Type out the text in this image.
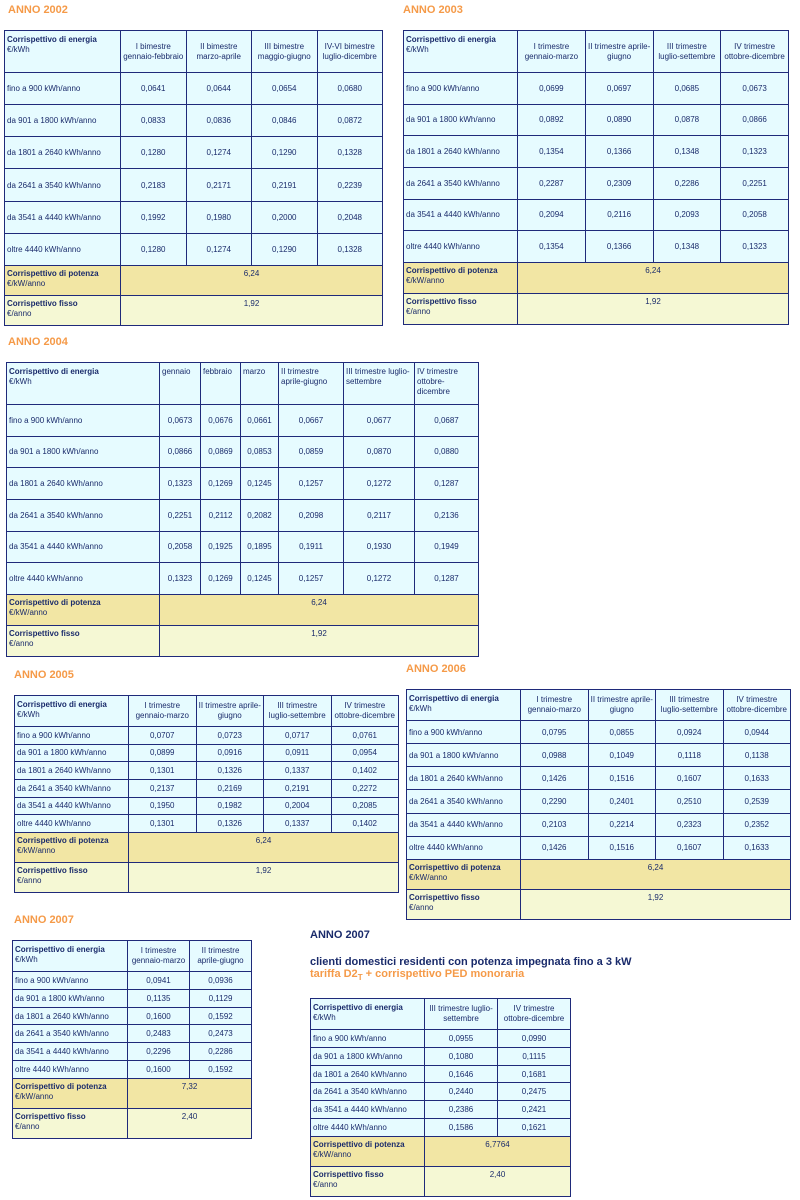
ANNO 2002
Corrispettivo di energia
€/kWh	I bimestre gennaio-febbraio	II bimestre marzo-aprile	III bimestre maggio-giugno	IV-VI bimestre luglio-dicembre
fino a 900 kWh/anno	0,0641	0,0644	0,0654	0,0680
da 901 a 1800 kWh/anno	0,0833	0,0836	0,0846	0,0872
da 1801 a 2640 kWh/anno	0,1280	0,1274	0,1290	0,1328
da 2641 a 3540 kWh/anno	0,2183	0,2171	0,2191	0,2239
da 3541 a 4440 kWh/anno	0,1992	0,1980	0,2000	0,2048
oltre 4440 kWh/anno	0,1280	0,1274	0,1290	0,1328
Corrispettivo di potenza
€/kW/anno	6,24			
Corrispettivo fisso
€/anno	1,92			
ANNO 2003
Corrispettivo di energia
€/kWh	I trimestre gennaio-marzo	II trimestre aprile-giugno	III trimestre luglio-settembre	IV trimestre ottobre-dicembre
fino a 900 kWh/anno	0,0699	0,0697	0,0685	0,0673
da 901 a 1800 kWh/anno	0,0892	0,0890	0,0878	0,0866
da 1801 a 2640 kWh/anno	0,1354	0,1366	0,1348	0,1323
da 2641 a 3540 kWh/anno	0,2287	0,2309	0,2286	0,2251
da 3541 a 4440 kWh/anno	0,2094	0,2116	0,2093	0,2058
oltre 4440 kWh/anno	0,1354	0,1366	0,1348	0,1323
Corrispettivo di potenza
€/kW/anno	6,24			
Corrispettivo fisso
€/anno	1,92			
ANNO 2004
Corrispettivo di energia
€/kWh	gennaio	febbraio	marzo	II trimestre aprile-giugno	III trimestre luglio-settembre	IV trimestre ottobre-dicembre
fino a 900 kWh/anno	0,0673	0,0676	0,0661	0,0667	0,0677	0,0687
da 901 a 1800 kWh/anno	0,0866	0,0869	0,0853	0,0859	0,0870	0,0880
da 1801 a 2640 kWh/anno	0,1323	0,1269	0,1245	0,1257	0,1272	0,1287
da 2641 a 3540 kWh/anno	0,2251	0,2112	0,2082	0,2098	0,2117	0,2136
da 3541 a 4440 kWh/anno	0,2058	0,1925	0,1895	0,1911	0,1930	0,1949
oltre 4440 kWh/anno	0,1323	0,1269	0,1245	0,1257	0,1272	0,1287
Corrispettivo di potenza
€/kW/anno	6,24					
Corrispettivo fisso
€/anno	1,92					
ANNO 2005
Corrispettivo di energia
€/kWh	I trimestre gennaio-marzo	II trimestre aprile-giugno	III trimestre luglio-settembre	IV trimestre ottobre-dicembre
fino a 900 kWh/anno	0,0707	0,0723	0,0717	0,0761
da 901 a 1800 kWh/anno	0,0899	0,0916	0,0911	0,0954
da 1801 a 2640 kWh/anno	0,1301	0,1326	0,1337	0,1402
da 2641 a 3540 kWh/anno	0,2137	0,2169	0,2191	0,2272
da 3541 a 4440 kWh/anno	0,1950	0,1982	0,2004	0,2085
oltre 4440 kWh/anno	0,1301	0,1326	0,1337	0,1402
Corrispettivo di potenza
€/kW/anno	6,24			
Corrispettivo fisso
€/anno	1,92			
ANNO 2006
Corrispettivo di energia
€/kWh	I trimestre gennaio-marzo	II trimestre aprile-giugno	III trimestre luglio-settembre	IV trimestre ottobre-dicembre
fino a 900 kWh/anno	0,0795	0,0855	0,0924	0,0944
da 901 a 1800 kWh/anno	0,0988	0,1049	0,1118	0,1138
da 1801 a 2640 kWh/anno	0,1426	0,1516	0,1607	0,1633
da 2641 a 3540 kWh/anno	0,2290	0,2401	0,2510	0,2539
da 3541 a 4440 kWh/anno	0,2103	0,2214	0,2323	0,2352
oltre 4440 kWh/anno	0,1426	0,1516	0,1607	0,1633
Corrispettivo di potenza
€/kW/anno	6,24			
Corrispettivo fisso
€/anno	1,92			
ANNO 2007
Corrispettivo di energia
€/kWh	I trimestre gennaio-marzo	II trimestre aprile-giugno
fino a 900 kWh/anno	0,0941	0,0936
da 901 a 1800 kWh/anno	0,1135	0,1129
da 1801 a 2640 kWh/anno	0,1600	0,1592
da 2641 a 3540 kWh/anno	0,2483	0,2473
da 3541 a 4440 kWh/anno	0,2296	0,2286
oltre 4440 kWh/anno	0,1600	0,1592
Corrispettivo di potenza
€/kW/anno	7,32	
Corrispettivo fisso
€/anno	2,40	
ANNO 2007
clienti domestici residenti con potenza impegnata fino a 3 kW
tariffa $D2_T$ + corrispettivo PED monoraria
Corrispettivo di energia
€/kWh	III trimestre luglio-settembre	IV trimestre ottobre-dicembre
fino a 900 kWh/anno	0,0955	0,0990
da 901 a 1800 kWh/anno	0,1080	0,1115
da 1801 a 2640 kWh/anno	0,1646	0,1681
da 2641 a 3540 kWh/anno	0,2440	0,2475
da 3541 a 4440 kWh/anno	0,2386	0,2421
oltre 4440 kWh/anno	0,1586	0,1621
Corrispettivo di potenza
€/kW/anno	6,7764	
Corrispettivo fisso
€/anno	2,40	
